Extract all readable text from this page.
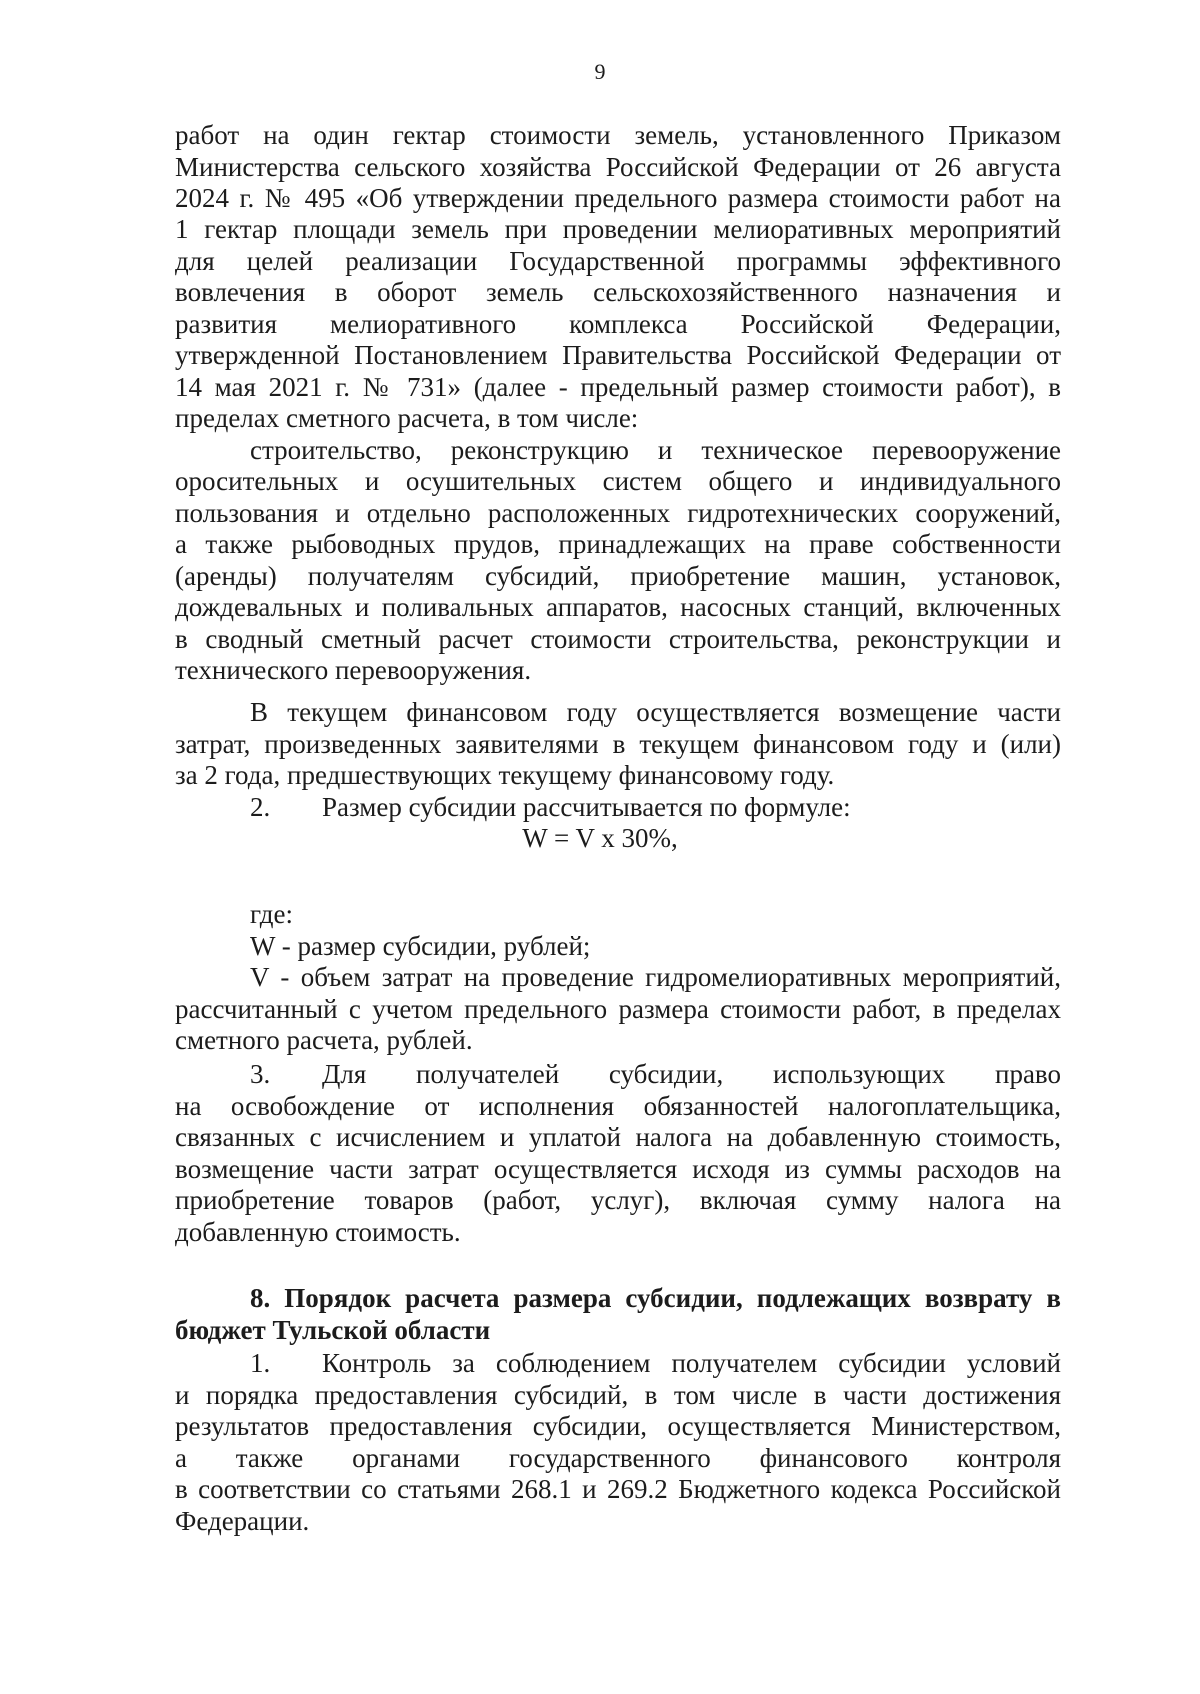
9
работ на один гектар стоимости земель, установленного Приказом
Министерства сельского хозяйства Российской Федерации от 26 августа
2024 г. № 495 «Об утверждении предельного размера стоимости работ на
1 гектар площади земель при проведении мелиоративных мероприятий
для целей реализации Государственной программы эффективного
вовлечения в оборот земель сельскохозяйственного назначения и
развития мелиоративного комплекса Российской Федерации,
утвержденной Постановлением Правительства Российской Федерации от
14 мая 2021 г. № 731» (далее - предельный размер стоимости работ), в
пределах сметного расчета, в том числе:
строительство, реконструкцию и техническое перевооружение
оросительных и осушительных систем общего и индивидуального
пользования и отдельно расположенных гидротехнических сооружений,
а также рыбоводных прудов, принадлежащих на праве собственности
(аренды) получателям субсидий, приобретение машин, установок,
дождевальных и поливальных аппаратов, насосных станций, включенных
в сводный сметный расчет стоимости строительства, реконструкции и
технического перевооружения.
В текущем финансовом году осуществляется возмещение части
затрат, произведенных заявителями в текущем финансовом году и (или)
за 2 года, предшествующих текущему финансовому году.
2. Размер субсидии рассчитывается по формуле:
W = V x 30%,
где:
W - размер субсидии, рублей;
V - объем затрат на проведение гидромелиоративных мероприятий,
рассчитанный с учетом предельного размера стоимости работ, в пределах
сметного расчета, рублей.
3. Для получателей субсидии, использующих право
на освобождение от исполнения обязанностей налогоплательщика,
связанных с исчислением и уплатой налога на добавленную стоимость,
возмещение части затрат осуществляется исходя из суммы расходов на
приобретение товаров (работ, услуг), включая сумму налога на
добавленную стоимость.
8. Порядок расчета размера субсидии, подлежащих возврату в
бюджет Тульской области
1. Контроль за соблюдением получателем субсидии условий
и порядка предоставления субсидий, в том числе в части достижения
результатов предоставления субсидии, осуществляется Министерством,
а также органами государственного финансового контроля
в соответствии со статьями 268.1 и 269.2 Бюджетного кодекса Российской
Федерации.
